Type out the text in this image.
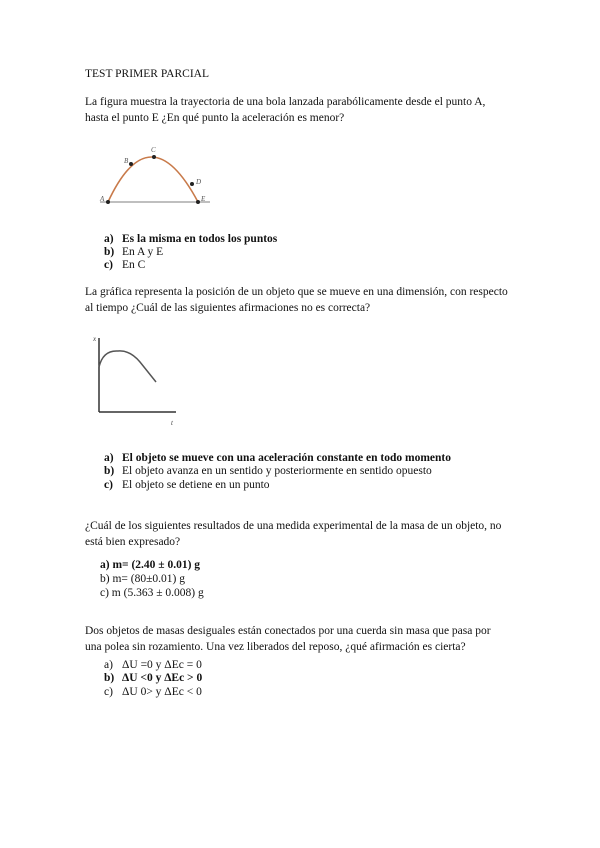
TEST PRIMER PARCIAL
La figura muestra la trayectoria de una bola lanzada parabólicamente desde el punto A,
hasta el punto E ¿En qué punto la aceleración es menor?
A
B
C
D
E
a) Es la misma en todos los puntos
b) En A y E
c) En C
La gráfica representa la posición de un objeto que se mueve en una dimensión, con respecto
al tiempo ¿Cuál de las siguientes afirmaciones no es correcta?
x
t
a) El objeto se mueve con una aceleración constante en todo momento
b) El objeto avanza en un sentido y posteriormente en sentido opuesto
c) El objeto se detiene en un punto
¿Cuál de los siguientes resultados de una medida experimental de la masa de un objeto, no
está bien expresado?
a) m= (2.40 ± 0.01) g
b) m= (80±0.01) g
c) m (5.363 ± 0.008) g
Dos objetos de masas desiguales están conectados por una cuerda sin masa que pasa por
una polea sin rozamiento. Una vez liberados del reposo, ¿qué afirmación es cierta?
a) ΔU =0 y ΔEc = 0
b) ΔU <0 y ΔEc > 0
c) ΔU 0> y ΔEc < 0
